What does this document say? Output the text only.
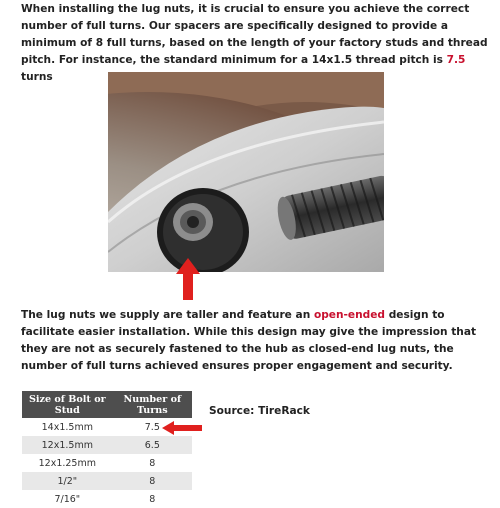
When installing the lug nuts, it is crucial to ensure you achieve the correct number of full turns. Our spacers are specifically designed to provide a minimum of 8 full turns, based on the length of your factory studs and thread pitch. For instance, the standard minimum for a 14x1.5 thread pitch is 7.5 turns
The lug nuts we supply are taller and feature an open-ended design to facilitate easier installation. While this design may give the impression that they are not as securely fastened to the hub as closed-end lug nuts, the number of full turns achieved ensures proper engagement and security.
Size of Bolt or Stud	Number of Turns
14x1.5mm	7.5
12x1.5mm	6.5
12x1.25mm	8
1/2"	8
7/16"	8
Source: TireRack
